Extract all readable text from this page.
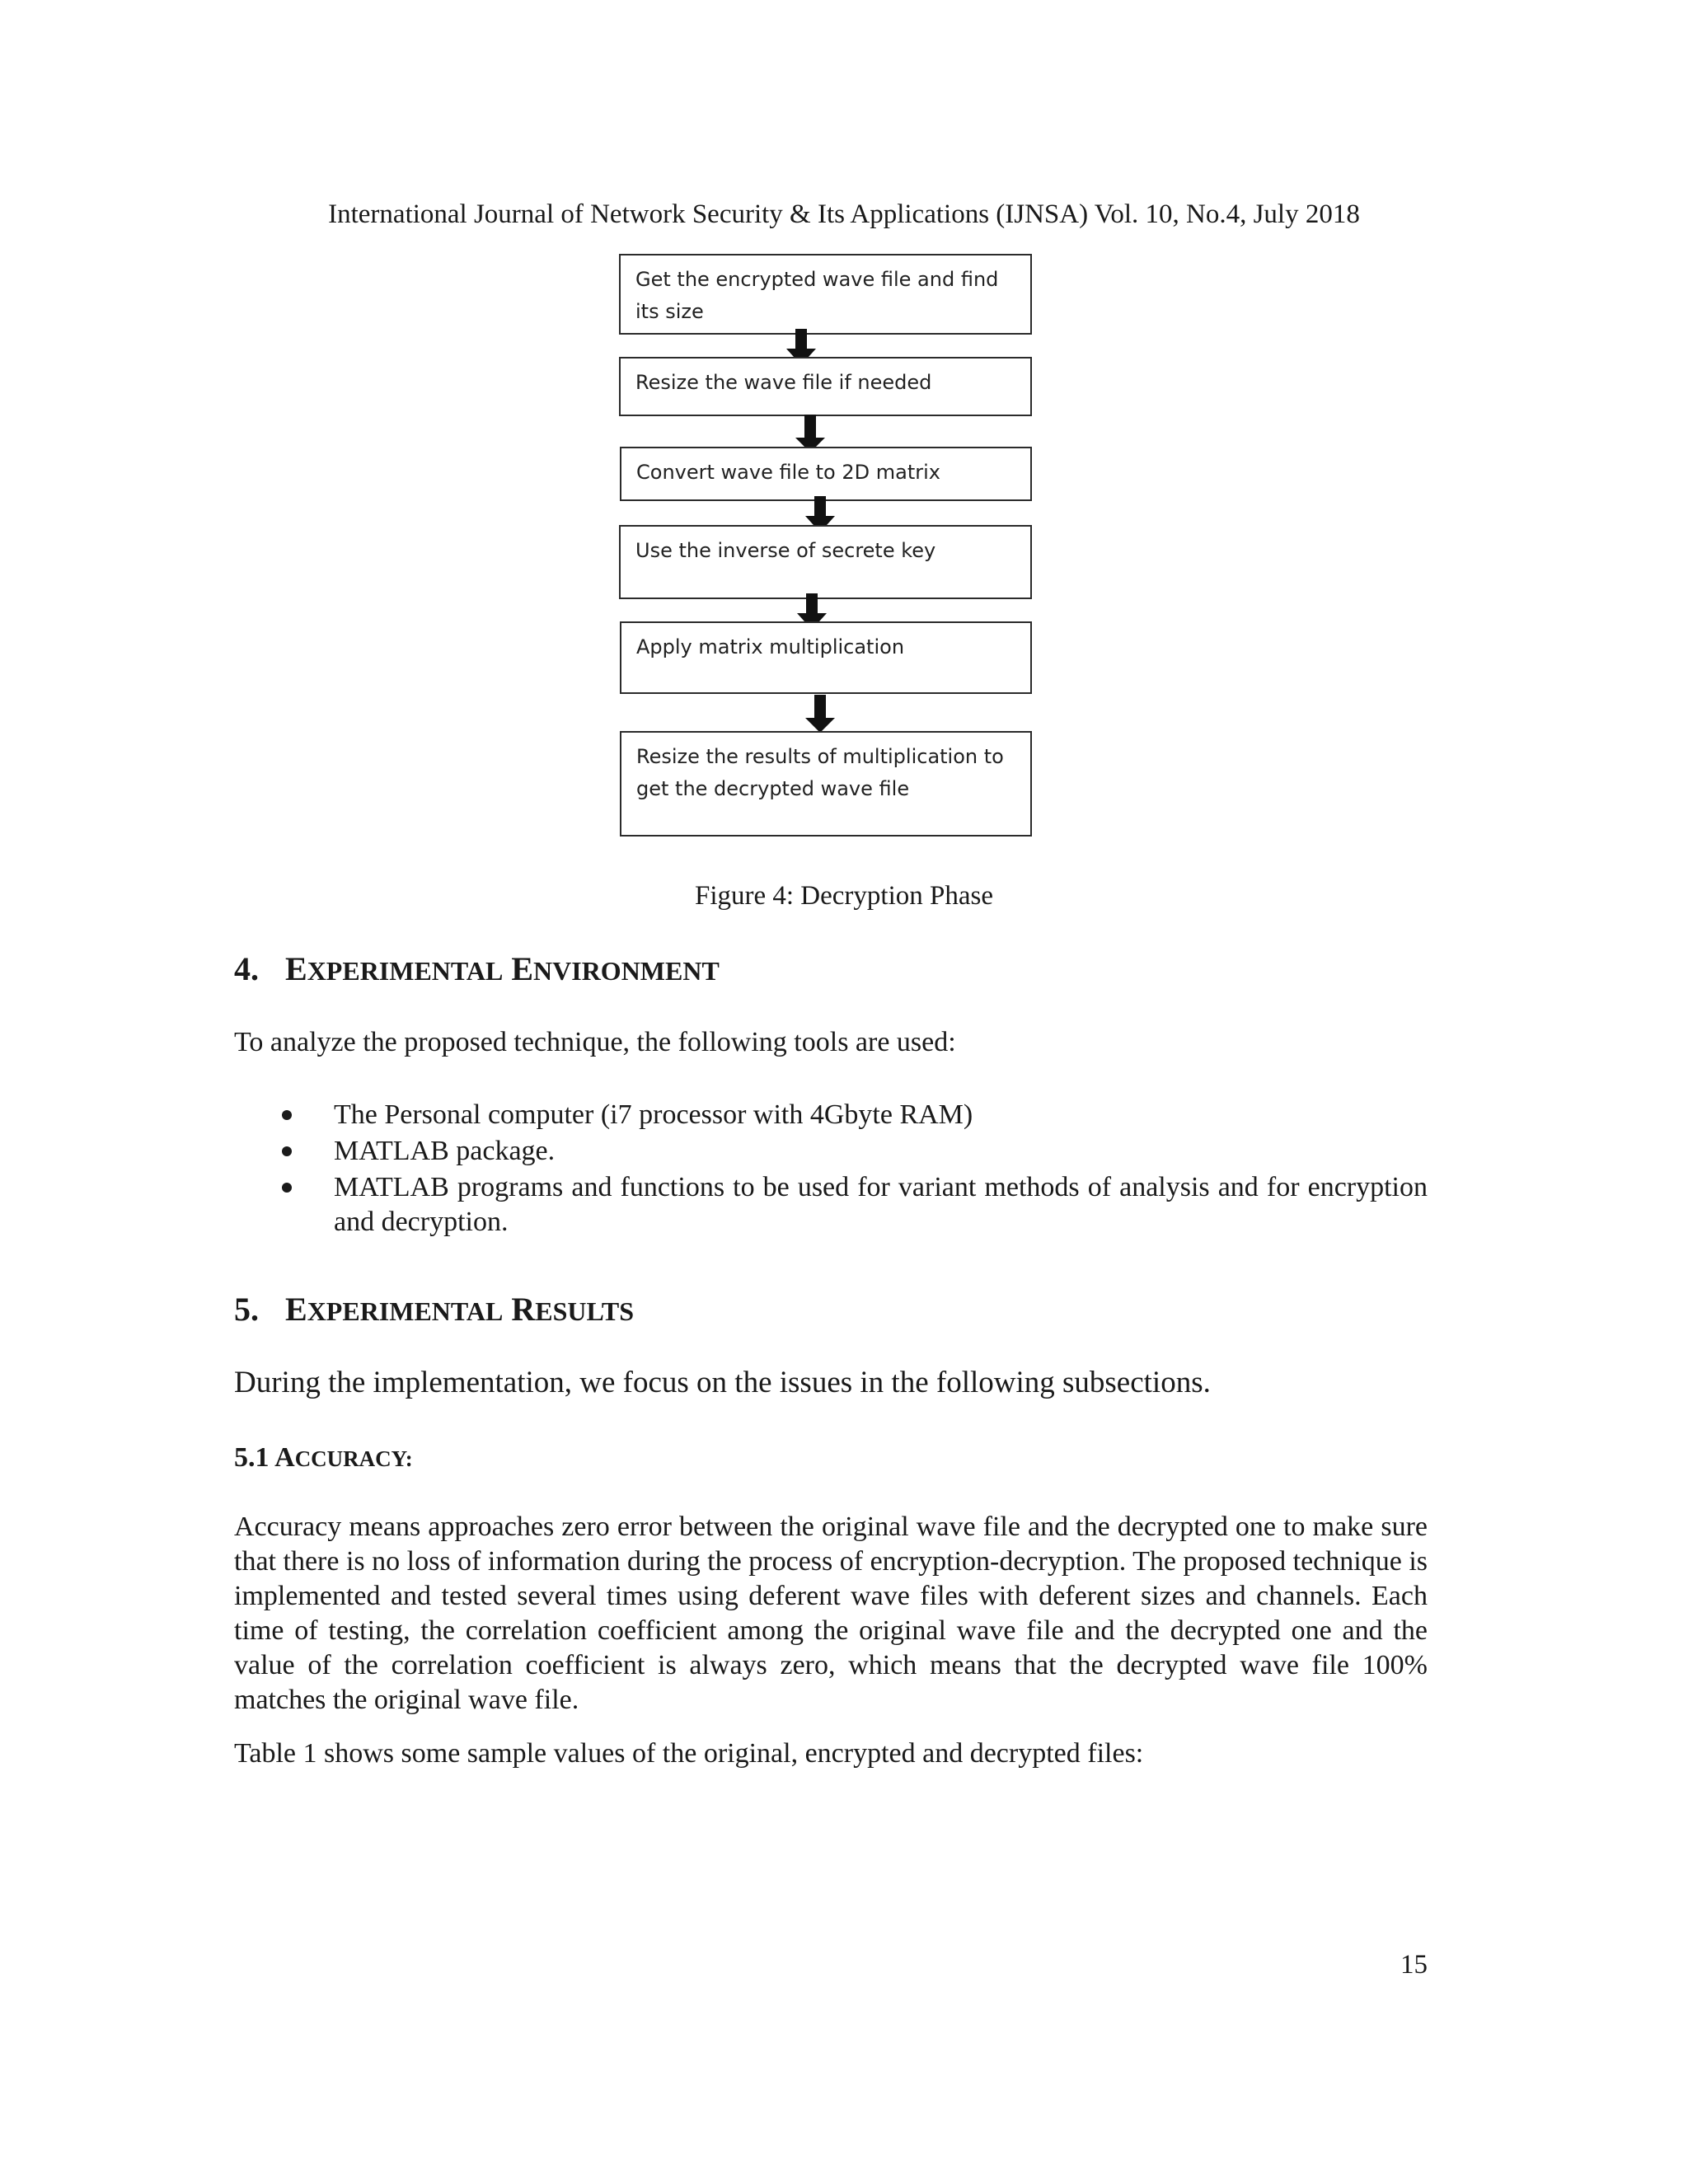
International Journal of Network Security & Its Applications (IJNSA) Vol. 10, No.4, July 2018
Get the encrypted wave file and find
its size
Resize the wave file if needed
Convert wave file to 2D matrix
Use the inverse of secrete key
Apply matrix multiplication
Resize the results of multiplication to
get the decrypted wave file
Figure 4: Decryption Phase
4. EXPERIMENTAL ENVIRONMENT
To analyze the proposed technique, the following tools are used:
The Personal computer (i7 processor with 4Gbyte RAM)
MATLAB package.
MATLAB programs and functions to be used for variant methods of analysis and for encryption and decryption.
5. EXPERIMENTAL RESULTS
During the implementation, we focus on the issues in the following subsections.
5.1 ACCURACY:
Accuracy means approaches zero error between the original wave file and the decrypted one to make sure that there is no loss of information during the process of encryption-decryption. The proposed technique is implemented and tested several times using deferent wave files with deferent sizes and channels. Each time of testing, the correlation coefficient among the original wave file and the decrypted one and the value of the correlation coefficient is always zero, which means that the decrypted wave file 100% matches the original wave file.
Table 1 shows some sample values of the original, encrypted and decrypted files:
15
